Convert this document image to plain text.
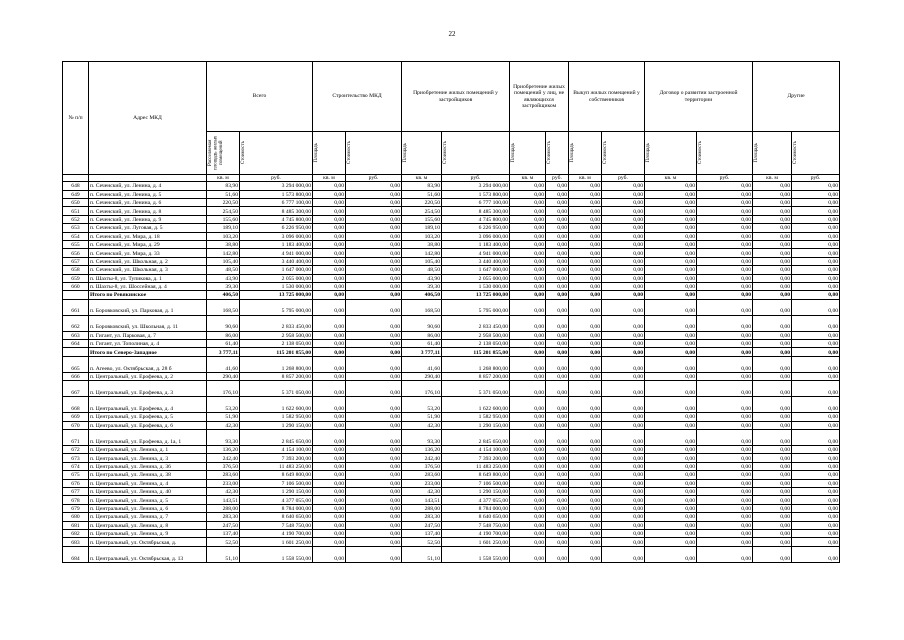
22
№ п/п	Адрес МКД	Всего		Строительство МКД		Приобретение жилых помещений у застройщиков		Приобретение жилых помещений у лиц, не являющихся застройщиком		Выкуп жилых помещений у собственников		Договор о развитии застроенной территории		Другие	

		Расселяемая площадь жилых помещений	Стоимость	Площадь	Стоимость	Площадь	Стоимость	Площадь	Стоимость	Площадь	Стоимость	Площадь	Стоимость	Площадь	Стоимость

		кв. м	руб.	кв. м	руб.	кв. м	руб.	кв. м	руб.	кв. м	руб.	кв. м	руб.	кв. м	руб.
648	п. Сеченский, ул. Ленина, д. 4	83,90	3 294 000,00	0,00	0,00	83,90	3 294 000,00	0,00	0,00	0,00	0,00	0,00	0,00	0,00	0,00
649	п. Сеченский, ул. Ленина, д. 5	51,60	1 573 800,00	0,00	0,00	51,60	1 573 800,00	0,00	0,00	0,00	0,00	0,00	0,00	0,00	0,00
650	п. Сеченский, ул. Ленина, д. 6	220,50	6 777 100,00	0,00	0,00	220,50	6 777 100,00	0,00	0,00	0,00	0,00	0,00	0,00	0,00	0,00
651	п. Сеченский, ул. Ленина, д. 8	254,50	8 485 300,00	0,00	0,00	254,50	8 485 300,00	0,00	0,00	0,00	0,00	0,00	0,00	0,00	0,00
652	п. Сеченский, ул. Ленина, д. 9	155,60	4 745 800,00	0,00	0,00	155,60	4 745 800,00	0,00	0,00	0,00	0,00	0,00	0,00	0,00	0,00
653	п. Сеченский, ул. Луговая, д. 5	189,10	6 226 950,00	0,00	0,00	189,10	6 226 950,00	0,00	0,00	0,00	0,00	0,00	0,00	0,00	0,00
654	п. Сеченский, ул. Мира, д. 18	103,20	3 096 000,00	0,00	0,00	103,20	3 096 000,00	0,00	0,00	0,00	0,00	0,00	0,00	0,00	0,00
655	п. Сеченский, ул. Мира, д. 29	38,80	1 183 400,00	0,00	0,00	38,80	1 183 400,00	0,00	0,00	0,00	0,00	0,00	0,00	0,00	0,00
656	п. Сеченский, ул. Мира, д. 33	142,80	4 941 000,00	0,00	0,00	142,80	4 941 000,00	0,00	0,00	0,00	0,00	0,00	0,00	0,00	0,00
657	п. Сеченский, ул. Школьная, д. 2	105,40	3 440 400,00	0,00	0,00	105,40	3 440 400,00	0,00	0,00	0,00	0,00	0,00	0,00	0,00	0,00
658	п. Сеченский, ул. Школьная, д. 3	48,50	1 647 000,00	0,00	0,00	48,50	1 647 000,00	0,00	0,00	0,00	0,00	0,00	0,00	0,00	0,00
659	п. Шахты-8, ул. Тупикова, д. 1	43,90	2 055 000,00	0,00	0,00	43,90	2 055 000,00	0,00	0,00	0,00	0,00	0,00	0,00	0,00	0,00
660	п. Шахты-8, ул. Шоссейная, д. 4	39,30	1 530 000,00	0,00	0,00	39,30	1 530 000,00	0,00	0,00	0,00	0,00	0,00	0,00	0,00	0,00
	Итого по Ревякинское	406,50	13 725 000,00	0,00	0,00	406,50	13 725 000,00	0,00	0,00	0,00	0,00	0,00	0,00	0,00	0,00
661	п. Боровковский, ул. Парковая, д. 1	168,50	5 795 000,00	0,00	0,00	168,50	5 795 000,00	0,00	0,00	0,00	0,00	0,00	0,00	0,00	0,00
662	п. Боровковский, ул. Школьная, д. 11	90,60	2 833 450,00	0,00	0,00	90,60	2 833 450,00	0,00	0,00	0,00	0,00	0,00	0,00	0,00	0,00
663	п. Гигант, ул. Парковая, д. 7	86,00	2 958 500,00	0,00	0,00	86,00	2 958 500,00	0,00	0,00	0,00	0,00	0,00	0,00	0,00	0,00
664	п. Гигант, ул. Тополиная, д. 4	61,40	2 138 050,00	0,00	0,00	61,40	2 138 050,00	0,00	0,00	0,00	0,00	0,00	0,00	0,00	0,00
	Итого по Северо-Западное	3 777,11	115 201 855,00	0,00	0,00	3 777,11	115 201 855,00	0,00	0,00	0,00	0,00	0,00	0,00	0,00	0,00
665	п. Агеево, ул. Октябрьская, д. 28 б	41,60	1 268 800,00	0,00	0,00	41,60	1 268 800,00	0,00	0,00	0,00	0,00	0,00	0,00	0,00	0,00
666	п. Центральный, ул. Ерофеева, д. 2	290,40	8 857 200,00	0,00	0,00	290,40	8 857 200,00	0,00	0,00	0,00	0,00	0,00	0,00	0,00	0,00
667	п. Центральный, ул. Ерофеева, д. 3	176,10	5 371 050,00	0,00	0,00	176,10	5 371 050,00	0,00	0,00	0,00	0,00	0,00	0,00	0,00	0,00
668	п. Центральный, ул. Ерофеева, д. 4	53,20	1 622 600,00	0,00	0,00	53,20	1 622 600,00	0,00	0,00	0,00	0,00	0,00	0,00	0,00	0,00
669	п. Центральный, ул. Ерофеева, д. 5	51,90	1 582 950,00	0,00	0,00	51,90	1 582 950,00	0,00	0,00	0,00	0,00	0,00	0,00	0,00	0,00
670	п. Центральный, ул. Ерофеева, д. 6	42,30	1 290 150,00	0,00	0,00	42,30	1 290 150,00	0,00	0,00	0,00	0,00	0,00	0,00	0,00	0,00
671	п. Центральный, ул. Ерофеева, д. 1а, 1	93,30	2 845 650,00	0,00	0,00	93,30	2 845 650,00	0,00	0,00	0,00	0,00	0,00	0,00	0,00	0,00
672	п. Центральный, ул. Ленина, д. 1	136,20	4 154 100,00	0,00	0,00	136,20	4 154 100,00	0,00	0,00	0,00	0,00	0,00	0,00	0,00	0,00
673	п. Центральный, ул. Ленина, д. 3	242,40	7 393 200,00	0,00	0,00	242,40	7 393 200,00	0,00	0,00	0,00	0,00	0,00	0,00	0,00	0,00
674	п. Центральный, ул. Ленина, д. 36	376,50	11 483 250,00	0,00	0,00	376,50	11 483 250,00	0,00	0,00	0,00	0,00	0,00	0,00	0,00	0,00
675	п. Центральный, ул. Ленина, д. 38	283,60	8 649 800,00	0,00	0,00	283,60	8 649 800,00	0,00	0,00	0,00	0,00	0,00	0,00	0,00	0,00
676	п. Центральный, ул. Ленина, д. 4	233,00	7 106 500,00	0,00	0,00	233,00	7 106 500,00	0,00	0,00	0,00	0,00	0,00	0,00	0,00	0,00
677	п. Центральный, ул. Ленина, д. 40	42,30	1 290 150,00	0,00	0,00	42,30	1 290 150,00	0,00	0,00	0,00	0,00	0,00	0,00	0,00	0,00
678	п. Центральный, ул. Ленина, д. 5	143,51	4 377 055,00	0,00	0,00	143,51	4 377 055,00	0,00	0,00	0,00	0,00	0,00	0,00	0,00	0,00
679	п. Центральный, ул. Ленина, д. 6	288,00	8 784 000,00	0,00	0,00	288,00	8 784 000,00	0,00	0,00	0,00	0,00	0,00	0,00	0,00	0,00
680	п. Центральный, ул. Ленина, д. 7	283,30	8 640 650,00	0,00	0,00	283,30	8 640 650,00	0,00	0,00	0,00	0,00	0,00	0,00	0,00	0,00
681	п. Центральный, ул. Ленина, д. 8	247,50	7 548 750,00	0,00	0,00	247,50	7 548 750,00	0,00	0,00	0,00	0,00	0,00	0,00	0,00	0,00
682	п. Центральный, ул. Ленина, д. 9	137,40	4 190 700,00	0,00	0,00	137,40	4 190 700,00	0,00	0,00	0,00	0,00	0,00	0,00	0,00	0,00
683	п. Центральный, ул. Октябрьская, д.	52,50	1 601 250,00	0,00	0,00	52,50	1 601 250,00	0,00	0,00	0,00	0,00	0,00	0,00	0,00	0,00
684	п. Центральный, ул. Октябрьская, д. 13	51,10	1 558 550,00	0,00	0,00	51,10	1 558 550,00	0,00	0,00	0,00	0,00	0,00	0,00	0,00	0,00
